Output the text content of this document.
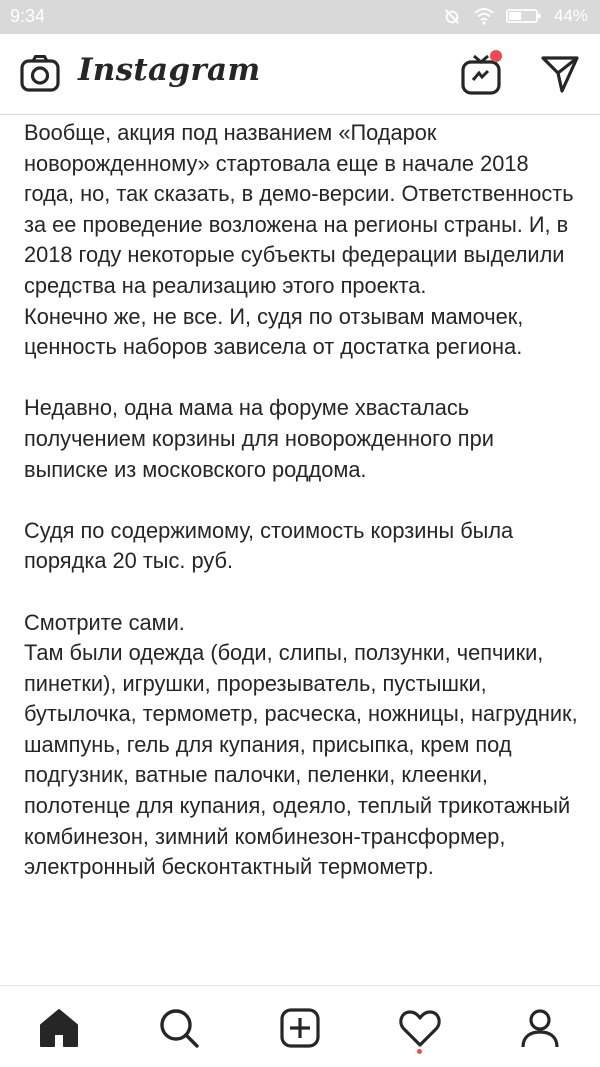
9:34	44%
Instagram

Вообще, акция под названием «Подарок новорожденному» стартовала еще в начале 2018 года, но, так сказать, в демо-версии. Ответственность за ее проведение возложена на регионы страны. И, в 2018 году некоторые субъекты федерации выделили средства на реализацию этого проекта.

Конечно же, не все. И, судя по отзывам мамочек, ценность наборов зависела от достатка региона.

Недавно, одна мама на форуме хвасталась получением корзины для новорожденного при выписке из московского роддома.

Судя по содержимому, стоимость корзины была порядка 20 тыс. руб.

Смотрите сами.

Там были одежда (боди, слипы, ползунки, чепчики, пинетки), игрушки, прорезыватель, пустышки, бутылочка, термометр, расческа, ножницы, нагрудник, шампунь, гель для купания, присыпка, крем под подгузник, ватные палочки, пеленки, клеенки, полотенце для купания, одеяло, теплый трикотажный комбинезон, зимний комбинезон-трансформер, электронный бесконтактный термометр.
